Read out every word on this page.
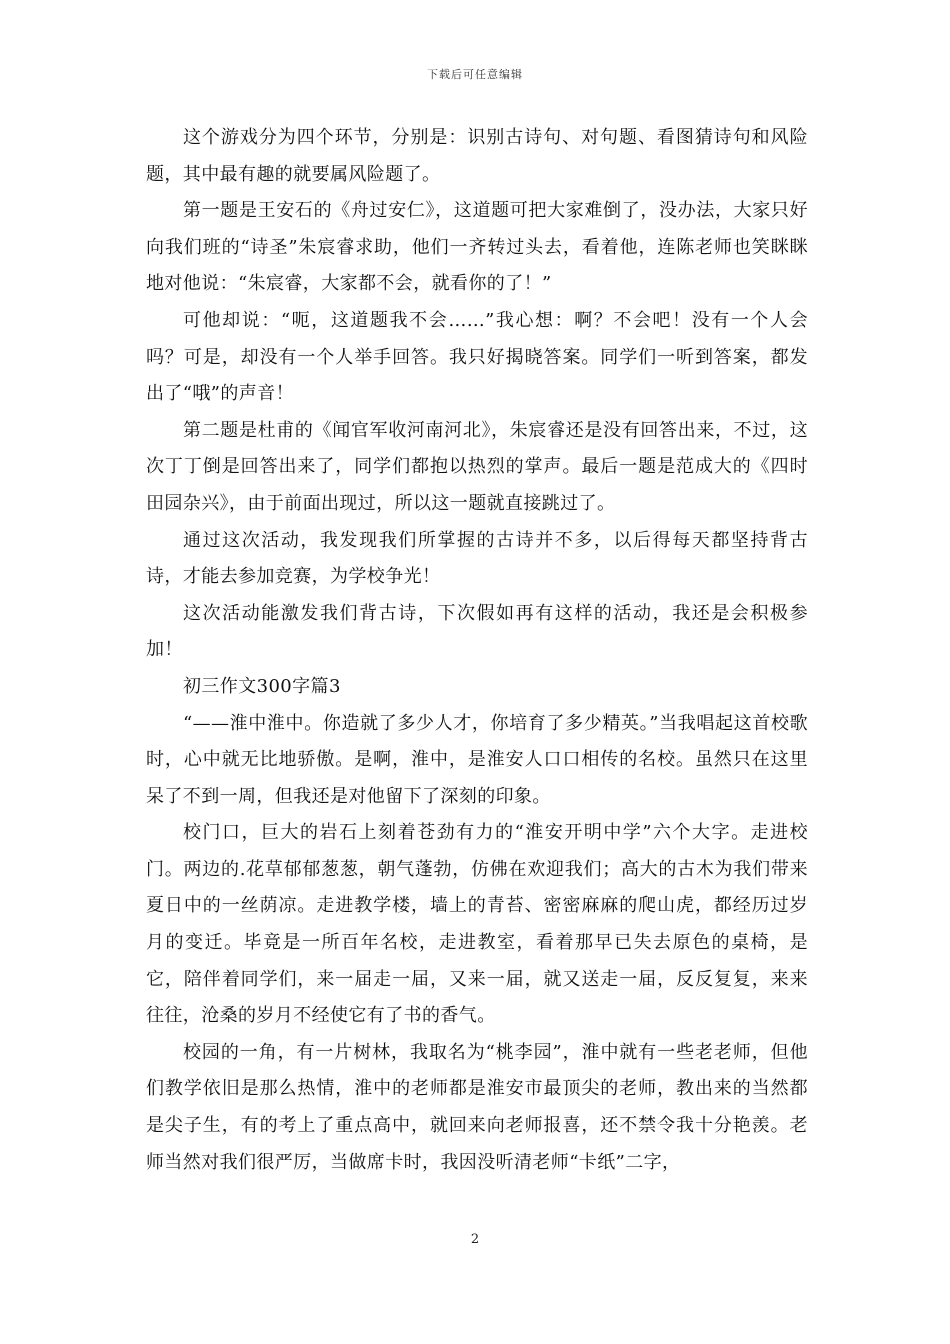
下载后可任意编辑

这个游戏分为四个环节，分别是：识别古诗句、对句题、看图猜诗句和风险题，其中最有趣的就要属风险题了。

第一题是王安石的《舟过安仁》，这道题可把大家难倒了，没办法，大家只好向我们班的“诗圣”朱宸睿求助，他们一齐转过头去，看着他，连陈老师也笑眯眯地对他说：“朱宸睿，大家都不会，就看你的了！”

可他却说：“呃，这道题我不会……”我心想：啊？不会吧！没有一个人会吗？可是，却没有一个人举手回答。我只好揭晓答案。同学们一听到答案，都发出了“哦”的声音！

第二题是杜甫的《闻官军收河南河北》，朱宸睿还是没有回答出来，不过，这次丁丁倒是回答出来了，同学们都抱以热烈的掌声。最后一题是范成大的《四时田园杂兴》，由于前面出现过，所以这一题就直接跳过了。

通过这次活动，我发现我们所掌握的古诗并不多，以后得每天都坚持背古诗，才能去参加竞赛，为学校争光！

这次活动能激发我们背古诗，下次假如再有这样的活动，我还是会积极参加！

初三作文300字篇3

“——淮中淮中。你造就了多少人才，你培育了多少精英。”当我唱起这首校歌时，心中就无比地骄傲。是啊，淮中，是淮安人口口相传的名校。虽然只在这里呆了不到一周，但我还是对他留下了深刻的印象。

校门口，巨大的岩石上刻着苍劲有力的“淮安开明中学”六个大字。走进校门。两边的.花草郁郁葱葱，朝气蓬勃，仿佛在欢迎我们；高大的古木为我们带来夏日中的一丝荫凉。走进教学楼，墙上的青苔、密密麻麻的爬山虎，都经历过岁月的变迁。毕竟是一所百年名校，走进教室，看着那早已失去原色的桌椅，是它，陪伴着同学们，来一届走一届，又来一届，就又送走一届，反反复复，来来往往，沧桑的岁月不经使它有了书的香气。

校园的一角，有一片树林，我取名为“桃李园”，淮中就有一些老老师，但他们教学依旧是那么热情，淮中的老师都是淮安市最顶尖的老师，教出来的当然都是尖子生，有的考上了重点高中，就回来向老师报喜，还不禁令我十分艳羡。老师当然对我们很严厉，当做席卡时，我因没听清老师“卡纸”二字，

2
